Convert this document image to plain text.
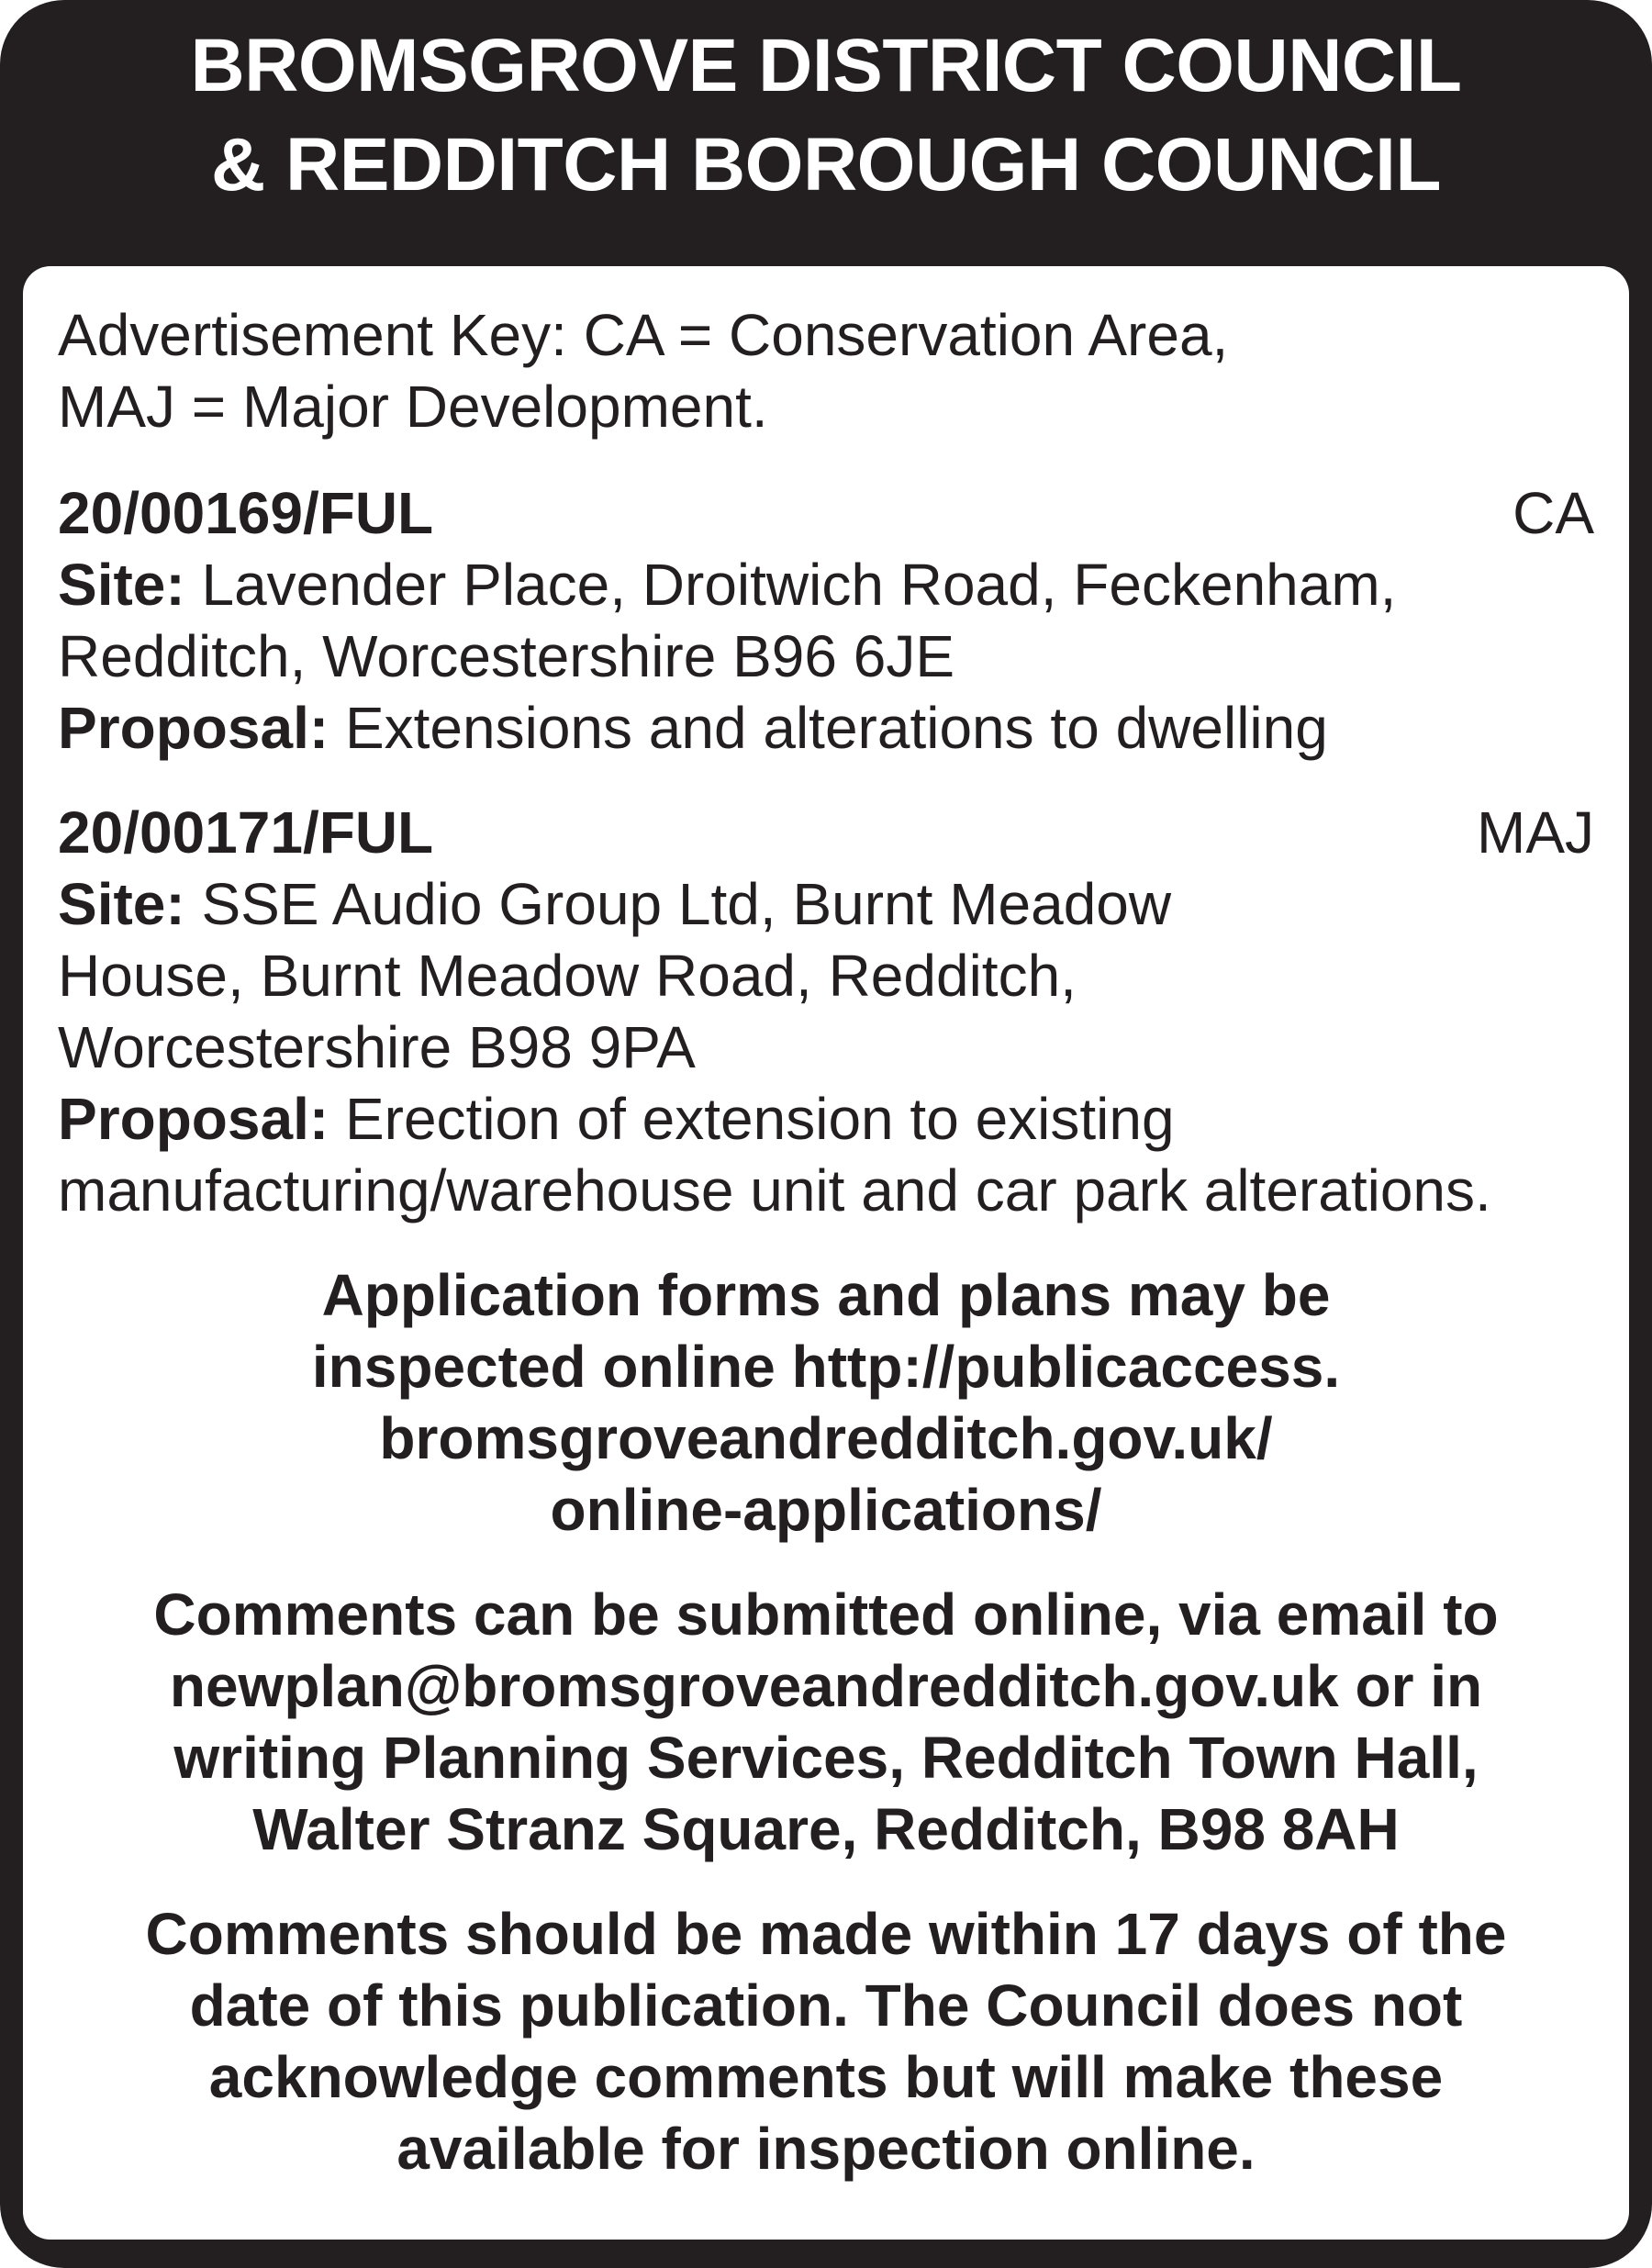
BROMSGROVE DISTRICT COUNCIL
& REDDITCH BOROUGH COUNCIL
Advertisement Key: CA = Conservation Area,
MAJ = Major Development.
20/00169/FUL	CA
Site: Lavender Place, Droitwich Road, Feckenham,
Redditch, Worcestershire B96 6JE
Proposal: Extensions and alterations to dwelling
20/00171/FUL	MAJ
Site: SSE Audio Group Ltd, Burnt Meadow
House, Burnt Meadow Road, Redditch,
Worcestershire B98 9PA
Proposal: Erection of extension to existing
manufacturing/warehouse unit and car park alterations.
Application forms and plans may be
inspected online http://publicaccess.
bromsgroveandredditch.gov.uk/
online-applications/
Comments can be submitted online, via email to
newplan@bromsgroveandredditch.gov.uk or in
writing Planning Services, Redditch Town Hall,
Walter Stranz Square, Redditch, B98 8AH
Comments should be made within 17 days of the
date of this publication. The Council does not
acknowledge comments but will make these
available for inspection online.
